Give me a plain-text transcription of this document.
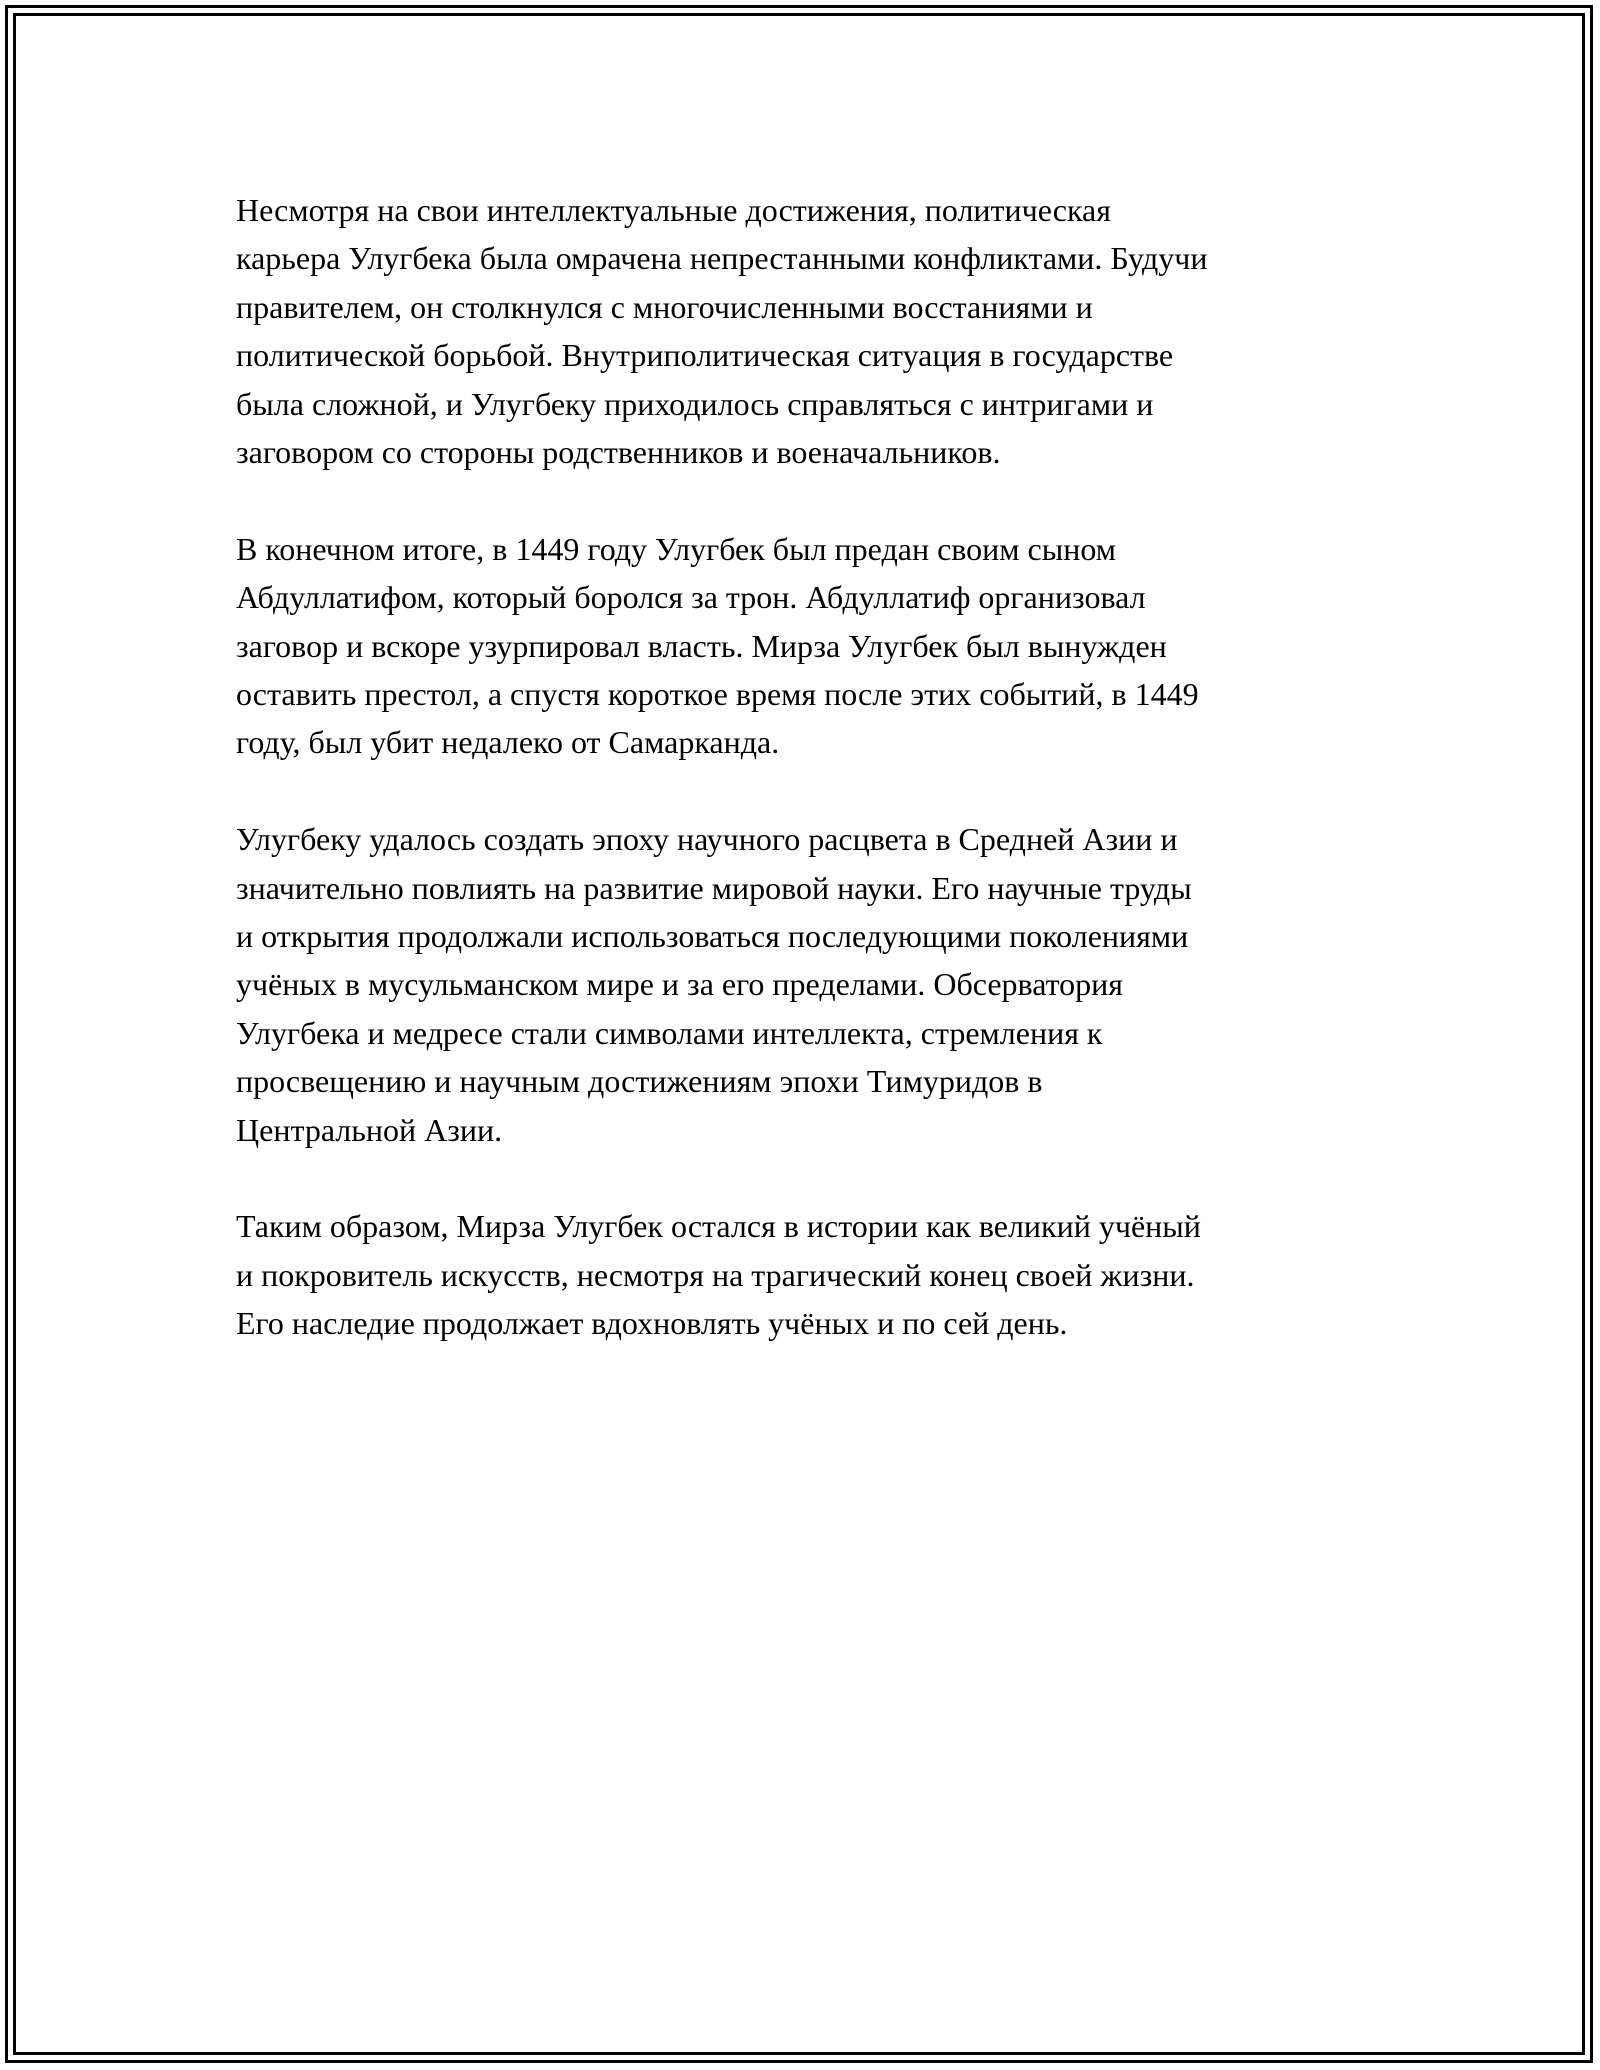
Несмотря на свои интеллектуальные достижения, политическая
карьера Улугбека была омрачена непрестанными конфликтами. Будучи
правителем, он столкнулся с многочисленными восстаниями и
политической борьбой. Внутриполитическая ситуация в государстве
была сложной, и Улугбеку приходилось справляться с интригами и
заговором со стороны родственников и военачальников.

В конечном итоге, в 1449 году Улугбек был предан своим сыном
Абдуллатифом, который боролся за трон. Абдуллатиф организовал
заговор и вскоре узурпировал власть. Мирза Улугбек был вынужден
оставить престол, а спустя короткое время после этих событий, в 1449
году, был убит недалеко от Самарканда.

Улугбеку удалось создать эпоху научного расцвета в Средней Азии и
значительно повлиять на развитие мировой науки. Его научные труды
и открытия продолжали использоваться последующими поколениями
учёных в мусульманском мире и за его пределами. Обсерватория
Улугбека и медресе стали символами интеллекта, стремления к
просвещению и научным достижениям эпохи Тимуридов в
Центральной Азии.

Таким образом, Мирза Улугбек остался в истории как великий учёный
и покровитель искусств, несмотря на трагический конец своей жизни.
Его наследие продолжает вдохновлять учёных и по сей день.
